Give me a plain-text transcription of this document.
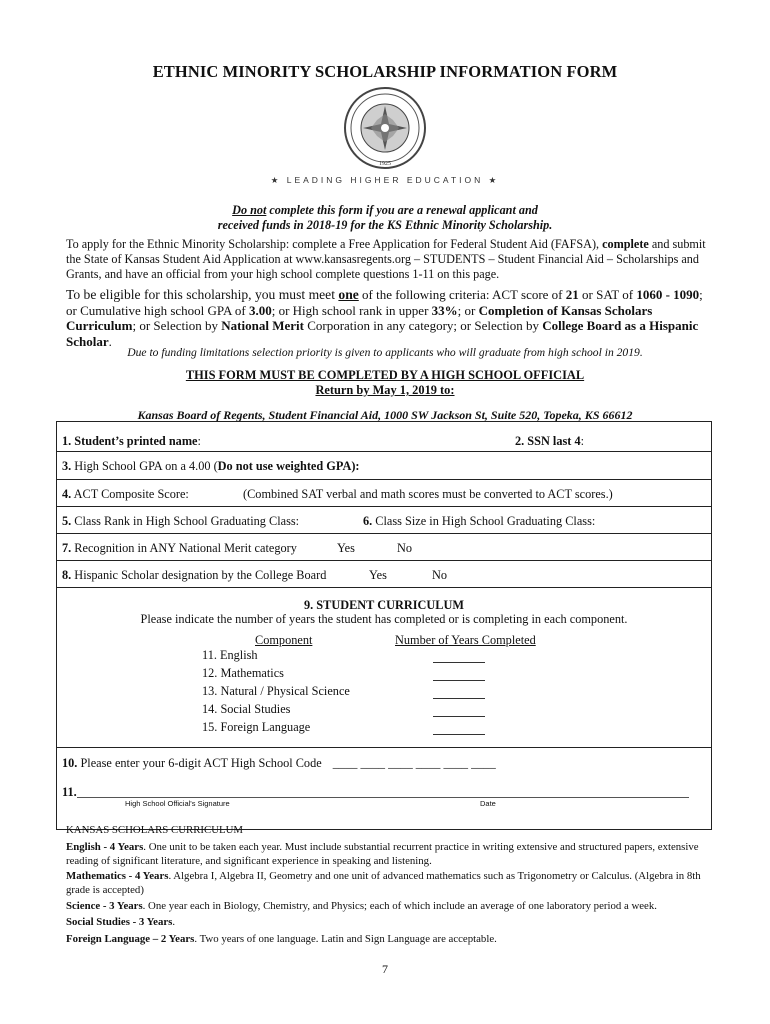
ETHNIC MINORITY SCHOLARSHIP INFORMATION FORM
1925
★ LEADING HIGHER EDUCATION ★
Do not complete this form if you are a renewal applicant and
received funds in 2018-19 for the KS Ethnic Minority Scholarship.
To apply for the Ethnic Minority Scholarship: complete a Free Application for Federal Student Aid (FAFSA), complete and submit the State of Kansas Student Aid Application at www.kansasregents.org – STUDENTS – Student Financial Aid – Scholarships and Grants, and have an official from your high school complete questions 1-11 on this page.
To be eligible for this scholarship, you must meet one of the following criteria: ACT score of 21 or SAT of 1060 - 1090; or Cumulative high school GPA of 3.00; or High school rank in upper 33%; or Completion of Kansas Scholars Curriculum; or Selection by National Merit Corporation in any category; or Selection by College Board as a Hispanic Scholar.
Due to funding limitations selection priority is given to applicants who will graduate from high school in 2019.
THIS FORM MUST BE COMPLETED BY A HIGH SCHOOL OFFICIAL
Return by May 1, 2019 to:
Kansas Board of Regents, Student Financial Aid, 1000 SW Jackson St, Suite 520, Topeka, KS 66612
1. Student’s printed name:	2. SSN last 4:
3. High School GPA on a 4.00 (Do not use weighted GPA):
4. ACT Composite Score:	(Combined SAT verbal and math scores must be converted to ACT scores.)
5. Class Rank in High School Graduating Class:	6. Class Size in High School Graduating Class:
7. Recognition in ANY National Merit category	Yes	No
8. Hispanic Scholar designation by the College Board	Yes	No
9. STUDENT CURRICULUM
Please indicate the number of years the student has completed or is completing in each component.
Component	Number of Years Completed
11. English
12. Mathematics
13. Natural / Physical Science
14. Social Studies
15. Foreign Language
10. Please enter your 6-digit ACT High School Code ____ ____ ____ ____ ____ ____
11.
High School Official's Signature	Date
KANSAS SCHOLARS CURRICULUM
English - 4 Years. One unit to be taken each year. Must include substantial recurrent practice in writing extensive and structured papers, extensive reading of significant literature, and significant experience in speaking and listening.
Mathematics - 4 Years. Algebra I, Algebra II, Geometry and one unit of advanced mathematics such as Trigonometry or Calculus. (Algebra in 8th grade is accepted)
Science - 3 Years. One year each in Biology, Chemistry, and Physics; each of which include an average of one laboratory period a week.
Social Studies - 3 Years.
Foreign Language – 2 Years. Two years of one language. Latin and Sign Language are acceptable.
7
